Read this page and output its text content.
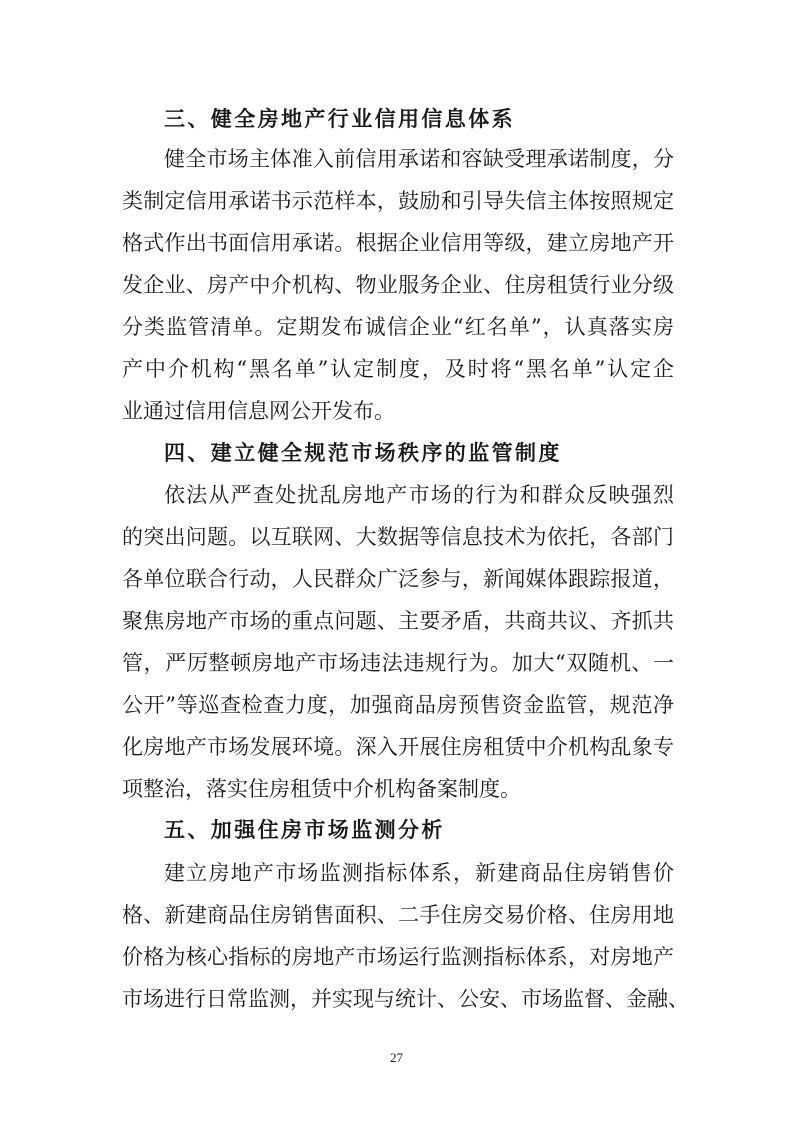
三、健全房地产行业信用信息体系
健全市场主体准入前信用承诺和容缺受理承诺制度，分
类制定信用承诺书示范样本，鼓励和引导失信主体按照规定
格式作出书面信用承诺。根据企业信用等级，建立房地产开
发企业、房产中介机构、物业服务企业、住房租赁行业分级
分类监管清单。定期发布诚信企业“红名单”，认真落实房
产中介机构“黑名单”认定制度，及时将“黑名单”认定企
业通过信用信息网公开发布。
四、建立健全规范市场秩序的监管制度
依法从严查处扰乱房地产市场的行为和群众反映强烈
的突出问题。以互联网、大数据等信息技术为依托，各部门
各单位联合行动，人民群众广泛参与，新闻媒体跟踪报道，
聚焦房地产市场的重点问题、主要矛盾，共商共议、齐抓共
管，严厉整顿房地产市场违法违规行为。加大“双随机、一
公开”等巡查检查力度，加强商品房预售资金监管，规范净
化房地产市场发展环境。深入开展住房租赁中介机构乱象专
项整治，落实住房租赁中介机构备案制度。
五、加强住房市场监测分析
建立房地产市场监测指标体系，新建商品住房销售价
格、新建商品住房销售面积、二手住房交易价格、住房用地
价格为核心指标的房地产市场运行监测指标体系，对房地产
市场进行日常监测，并实现与统计、公安、市场监督、金融、
27
